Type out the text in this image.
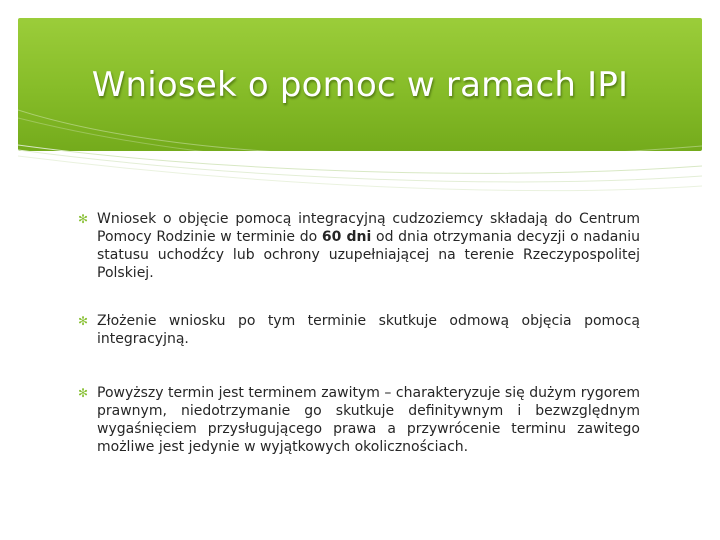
Wniosek o pomoc w ramach IPI
✻ Wniosek o objęcie pomocą integracyjną cudzoziemcy składają do Centrum Pomocy Rodzinie w terminie do 60 dni od dnia otrzymania decyzji o nadaniu statusu uchodźcy lub ochrony uzupełniającej na terenie Rzeczypospolitej Polskiej.
✻ Złożenie wniosku po tym terminie skutkuje odmową objęcia pomocą integracyjną.
✻ Powyższy termin jest terminem zawitym – charakteryzuje się dużym rygorem prawnym, niedotrzymanie go skutkuje definitywnym i bezwzględnym wygaśnięciem przysługującego prawa a przywrócenie terminu zawitego możliwe jest jedynie w wyjątkowych okolicznościach.
